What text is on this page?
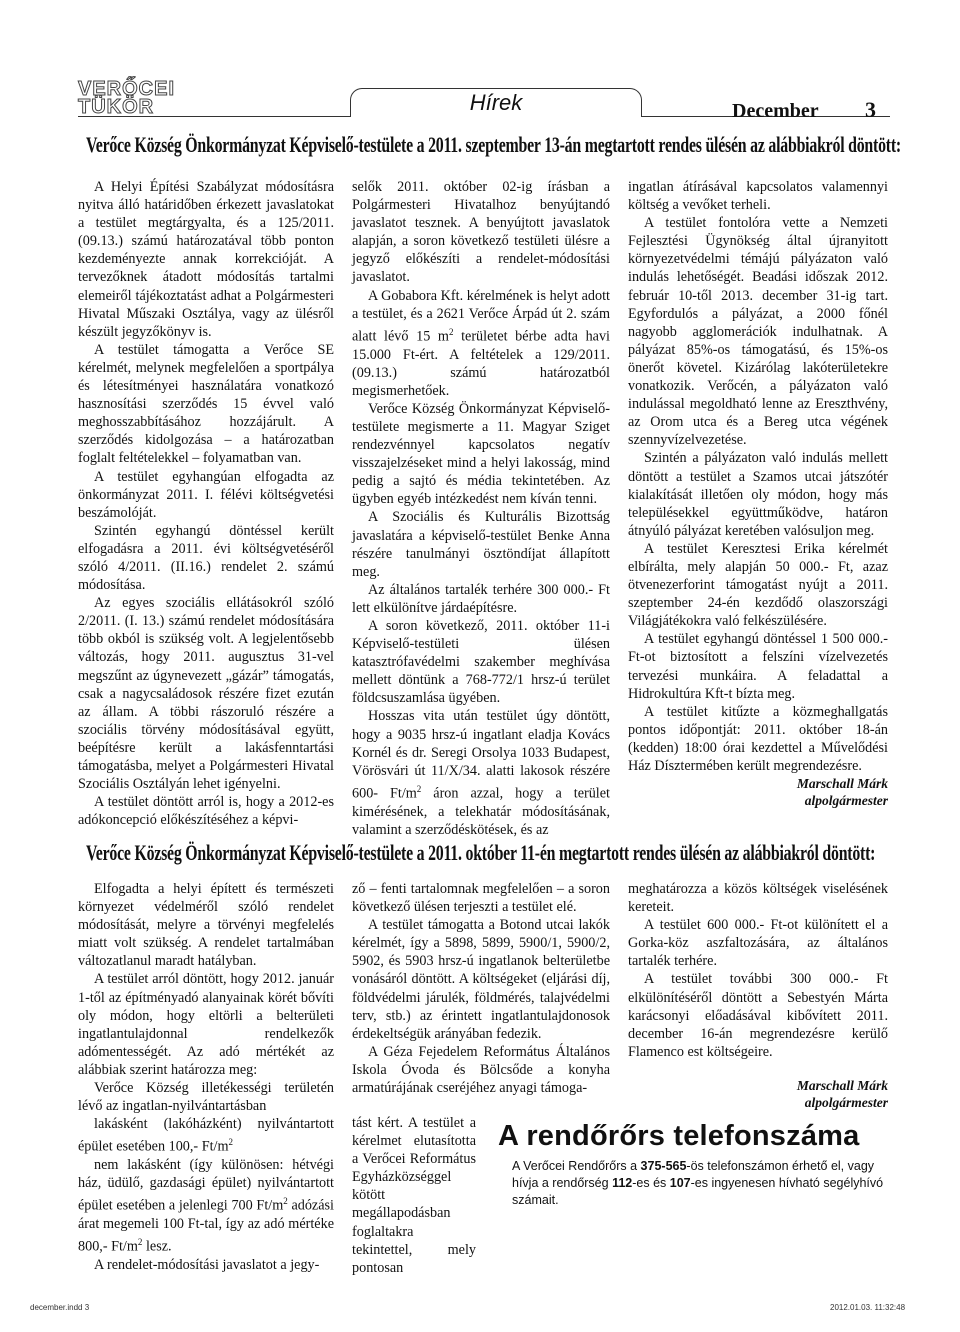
VERŐCEI
TÜKÖR	Hírek	December 3
Verőce Község Önkormányzat Képviselő-testülete a 2011. szeptember 13-án megtartott rendes ülésén az alábbiakról döntött:

A Helyi Építési Szabályzat módosításra nyitva álló határidőben érkezett javaslatokat a testület megtárgyalta, és a 125/2011. (09.13.) számú határozatával több ponton kezdeményezte annak korrekcióját. A tervezőknek átadott módosítás tartalmi elemeiről tájékoztatást adhat a Polgármesteri Hivatal Műszaki Osztálya, vagy az ülésről készült jegyzőkönyv is.

A testület támogatta a Verőce SE kérelmét, melynek megfelelően a sportpálya és létesítményei használatára vonatkozó hasznosítási szerződés 15 évvel való meghosszabbításához hozzájárult. A szerződés kidolgozása – a határozatban foglalt feltételekkel – folyamatban van.

A testület egyhangúan elfogadta az önkormányzat 2011. I. félévi költségvetési beszámolóját.

Szintén egyhangú döntéssel került elfogadásra a 2011. évi költségvetéséről szóló 4/2011. (II.16.) rendelet 2. számú módosítása.

Az egyes szociális ellátásokról szóló 2/2011. (I. 13.) számú rendelet módosítására több okból is szükség volt. A legjelentősebb változás, hogy 2011. augusztus 31-vel megszűnt az úgynevezett „gázár” támogatás, csak a nagycsaládosok részére fizet ezután az állam. A többi rászoruló részére a szociális törvény módosításával együtt, beépítésre került a lakásfenntartási támogatásba, melyet a Polgármesteri Hivatal Szociális Osztályán lehet igényelni.

A testület döntött arról is, hogy a 2012-es adókoncepció előkészítéséhez a képvi-

selők 2011. október 02-ig írásban a Polgármesteri Hivatalhoz benyújtandó javaslatot tesznek. A benyújtott javaslatok alapján, a soron következő testületi ülésre a jegyző előkészíti a rendelet-módosítási javaslatot.

A Gobabora Kft. kérelmének is helyt adott a testület, és a 2621 Verőce Árpád út 2. szám alatt lévő 15 $m^2$ területet bérbe adta havi 15.000 Ft-ért. A feltételek a 129/2011. (09.13.) számú határozatból megismerhetőek.

Verőce Község Önkormányzat Képviselő-testülete megismerte a 11. Magyar Sziget rendezvénnyel kapcsolatos negatív visszajelzéseket mind a helyi lakosság, mind pedig a sajtó és média tekintetében. Az ügyben egyéb intézkedést nem kíván tenni.

A Szociális és Kulturális Bizottság javaslatára a képviselő-testület Benke Anna részére tanulmányi ösztöndíjat állapított meg.

Az általános tartalék terhére 300 000.- Ft lett elkülönítve járdaépítésre.

A soron következő, 2011. október 11-i Képviselő-testületi ülésen katasztrófavédelmi szakember meghívása mellett döntünk a 768-772/1 hrsz-ú terület földcsuszamlása ügyében.

Hosszas vita után testület úgy döntött, hogy a 9035 hrsz-ú ingatlant eladja Kovács Kornél és dr. Seregi Orsolya 1033 Budapest, Vörösvári út 11/X/34. alatti lakosok részére 600- $Ft/m^2$ áron azzal, hogy a terület kimérésének, a telekhatár módosításának, valamint a szerződéskötések, és az

ingatlan átírásával kapcsolatos valamennyi költség a vevőket terheli.

A testület fontolóra vette a Nemzeti Fejlesztési Ügynökség által újranyitott környezetvédelmi témájú pályázaton való indulás lehetőségét. Beadási időszak 2012. február 10-től 2013. december 31-ig tart. Egyfordulós a pályázat, a 2000 főnél nagyobb agglomerációk indulhatnak. A pályázat 85%-os támogatású, és 15%-os önerőt követel. Kizárólag lakóterületekre vonatkozik. Verőcén, a pályázaton való indulással megoldható lenne az Ereszthvény, az Orom utca és a Bereg utca végének szennyvízelvezetése.

Szintén a pályázaton való indulás mellett döntött a testület a Szamos utcai játszótér kialakítását illetően oly módon, hogy más településekkel együttműködve, határon átnyúló pályázat keretében valósuljon meg.

A testület Keresztesi Erika kérelmét elbírálta, mely alapján 50 000.- Ft, azaz ötvenezerforint támogatást nyújt a 2011. szeptember 24-én kezdődő olaszországi Világjátékokra való felkészülésére.

A testület egyhangú döntéssel 1 500 000.-Ft-ot biztosított a felszíni vízelvezetés tervezési munkáira. A feladattal a Hidrokultúra Kft-t bízta meg.

A testület kitűzte a közmeghallgatás pontos időpontját: 2011. október 18-án (kedden) 18:00 órai kezdettel a Művelődési Ház Dísztermében került megrendezésre.

Marschall Márk
alpolgármester
Verőce Község Önkormányzat Képviselő-testülete a 2011. október 11-én megtartott rendes ülésén az alábbiakról döntött:

Elfogadta a helyi épített és természeti környezet védelméről szóló rendelet módosítását, melyre a törvényi megfelelés miatt volt szükség. A rendelet tartalmában változatlanul maradt hatályban.

A testület arról döntött, hogy 2012. január 1-től az építményadó alanyainak körét bővíti oly módon, hogy eltörli a belterületi ingatlantulajdonnal rendelkezők adómentességét. Az adó mértékét az alábbiak szerint határozza meg:

Verőce Község illetékességi területén lévő az ingatlan-nyilvántartásban

lakásként (lakóházként) nyilvántartott épület esetében 100,- $Ft/m^2$

nem lakásként (így különösen: hétvégi ház, üdülő, gazdasági épület) nyilvántartott épület esetében a jelenlegi 700 $Ft/m^2$ adózási árat megemeli 100 Ft-tal, így az adó mértéke 800,- $Ft/m^2$ lesz.

A rendelet-módosítási javaslatot a jegy-

ző – fenti tartalomnak megfelelően – a soron következő ülésen terjeszti a testület elé.

A testület támogatta a Botond utcai lakók kérelmét, így a 5898, 5899, 5900/1, 5900/2, 5902, és 5903 hrsz-ú ingatlanok belterületbe vonásáról döntött. A költségeket (eljárási díj, földvédelmi járulék, földmérés, talajvédelmi terv, stb.) az érintett ingatlantulajdonosok érdekeltségük arányában fedezik.

A Géza Fejedelem Református Általános Iskola Óvoda és Bölcsőde a konyha armatúrájának cseréjéhez anyagi támoga-

tást kért. A testület a kérelmet elutasította a Verőcei Református Egyházközséggel kötött megállapodásban foglaltakra tekintettel, mely pontosan

meghatározza a közös költségek viselésének kereteit.

A testület 600 000.- Ft-ot különített el a Gorka-köz aszfaltozására, az általános tartalék terhére.

A testület további 300 000.- Ft elkülönítéséről döntött a Sebestyén Márta karácsonyi előadásával kibővített 2011. december 16-án megrendezésre kerülő Flamenco est költségeire.

Marschall Márk
alpolgármester
A rendőrőrs telefonszáma

A Verőcei Rendőrőrs a 375-565-ös telefonszámon érhető el, vagy hívja a rendőrség 112-es és 107-es ingyenesen hívható segélyhívó számait.

december.indd 3	2012.01.03. 11:32:48
